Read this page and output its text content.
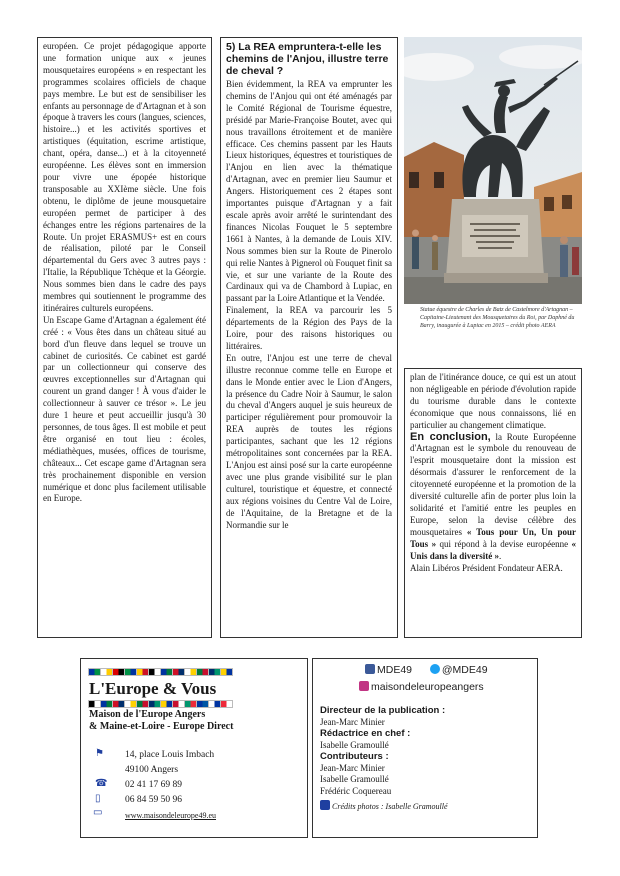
européen. Ce projet pédagogique apporte une formation unique aux « jeunes mousquetaires européens » en respectant les programmes scolaires officiels de chaque pays membre. Le but est de sensibiliser les enfants au personnage de d'Artagnan et à son époque à travers les cours (langues, sciences, histoire...) et les activités sportives et artistiques (équitation, escrime artistique, chant, opéra, danse...) et à la citoyenneté européenne. Les élèves sont en immersion pour vivre une épopée historique transposable au XXIème siècle. Une fois obtenu, le diplôme de jeune mousquetaire européen permet de participer à des échanges entre les régions partenaires de la Route. Un projet ERASMUS+ est en cours de réalisation, piloté par le Conseil départemental du Gers avec 3 autres pays : l'Italie, la République Tchèque et la Géorgie. Nous sommes bien dans le cadre des pays membres qui soutiennent le programme des itinéraires culturels européens.

Un Escape Game d'Artagnan a également été créé : « Vous êtes dans un château situé au bord d'un fleuve dans lequel se trouve un cabinet de curiosités. Ce cabinet est gardé par un collectionneur qui conserve des œuvres exceptionnelles sur d'Artagnan qui courent un grand danger ! À vous d'aider le collectionneur à sauver ce trésor ». Le jeu dure 1 heure et peut accueillir jusqu'à 30 personnes, de tous âges. Il est mobile et peut être organisé en tout lieu : écoles, médiathèques, musées, offices de tourisme, châteaux... Cet escape game d'Artagnan sera très prochainement disponible en version numérique et donc plus facilement utilisable en Europe.

5) La REA empruntera-t-elle les chemins de l'Anjou, illustre terre de cheval ?

Bien évidemment, la REA va emprunter les chemins de l'Anjou qui ont été aménagés par le Comité Régional de Tourisme équestre, présidé par Marie-Françoise Boutet, avec qui nous travaillons étroitement et de manière efficace. Ces chemins passent par les Hauts Lieux historiques, équestres et touristiques de l'Anjou en lien avec la thématique d'Artagnan, avec en premier lieu Saumur et Angers. Historiquement ces 2 étapes sont importantes puisque d'Artagnan y a fait escale après avoir arrêté le surintendant des finances Nicolas Fouquet le 5 septembre 1661 à Nantes, à la demande de Louis XIV. Nous sommes bien sur la Route de Pinerolo qui relie Nantes à Pignerol où Fouquet finit sa vie, et sur une variante de la Route des Cardinaux qui va de Chambord à Lupiac, en passant par la Loire Atlantique et la Vendée.

Finalement, la REA va parcourir les 5 départements de la Région des Pays de la Loire, pour des raisons historiques ou littéraires.

En outre, l'Anjou est une terre de cheval illustre reconnue comme telle en Europe et dans le Monde entier avec le Lion d'Angers, la présence du Cadre Noir à Saumur, le salon du cheval d'Angers auquel je suis heureux de participer régulièrement pour promouvoir la REA auprès de toutes les régions participantes, sachant que les 12 régions métropolitaines sont concernées par la REA. L'Anjou est ainsi posé sur la carte européenne avec une plus grande visibilité sur le plan culturel, touristique et équestre, et connecté aux régions voisines du Centre Val de Loire, de l'Aquitaine, de la Bretagne et de la Normandie sur le

Statue équestre de Charles de Batz de Castelmore d'Artagnan – Capitaine-Lieutenant des Mousquetaires du Roi, par Daphné du Barry, inaugurée à Lupiac en 2015 – crédit photo AERA

plan de l'itinérance douce, ce qui est un atout non négligeable en période d'évolution rapide du tourisme durable dans le contexte économique que nous connaissons, lié en particulier au changement climatique.

En conclusion, la Route Européenne d'Artagnan est le symbole du renouveau de l'esprit mousquetaire dont la mission est désormais d'assurer le renforcement de la citoyenneté européenne et la promotion de la diversité culturelle afin de porter plus loin la solidarité et l'amitié entre les peuples en Europe, selon la devise célèbre des mousquetaires « Tous pour Un, Un pour Tous » qui répond à la devise européenne « Unis dans la diversité ».

Alain Libéros Président Fondateur AERA.

L'Europe & Vous
Maison de l'Europe Angers
& Maine-et-Loire - Europe Direct
⚑
☎
▯
▭
14, place Louis Imbach
49100 Angers
02 41 17 69 89
06 84 59 50 96
www.maisondeleurope49.eu
MDE49	@MDE49
maisondeleuropeangers
Directeur de la publication :
Jean-Marc Minier
Rédactrice en chef :
Isabelle Gramoullé
Contributeurs :
Jean-Marc Minier
Isabelle Gramoullé
Frédéric Coquereau
Crédits photos : Isabelle Gramoullé
